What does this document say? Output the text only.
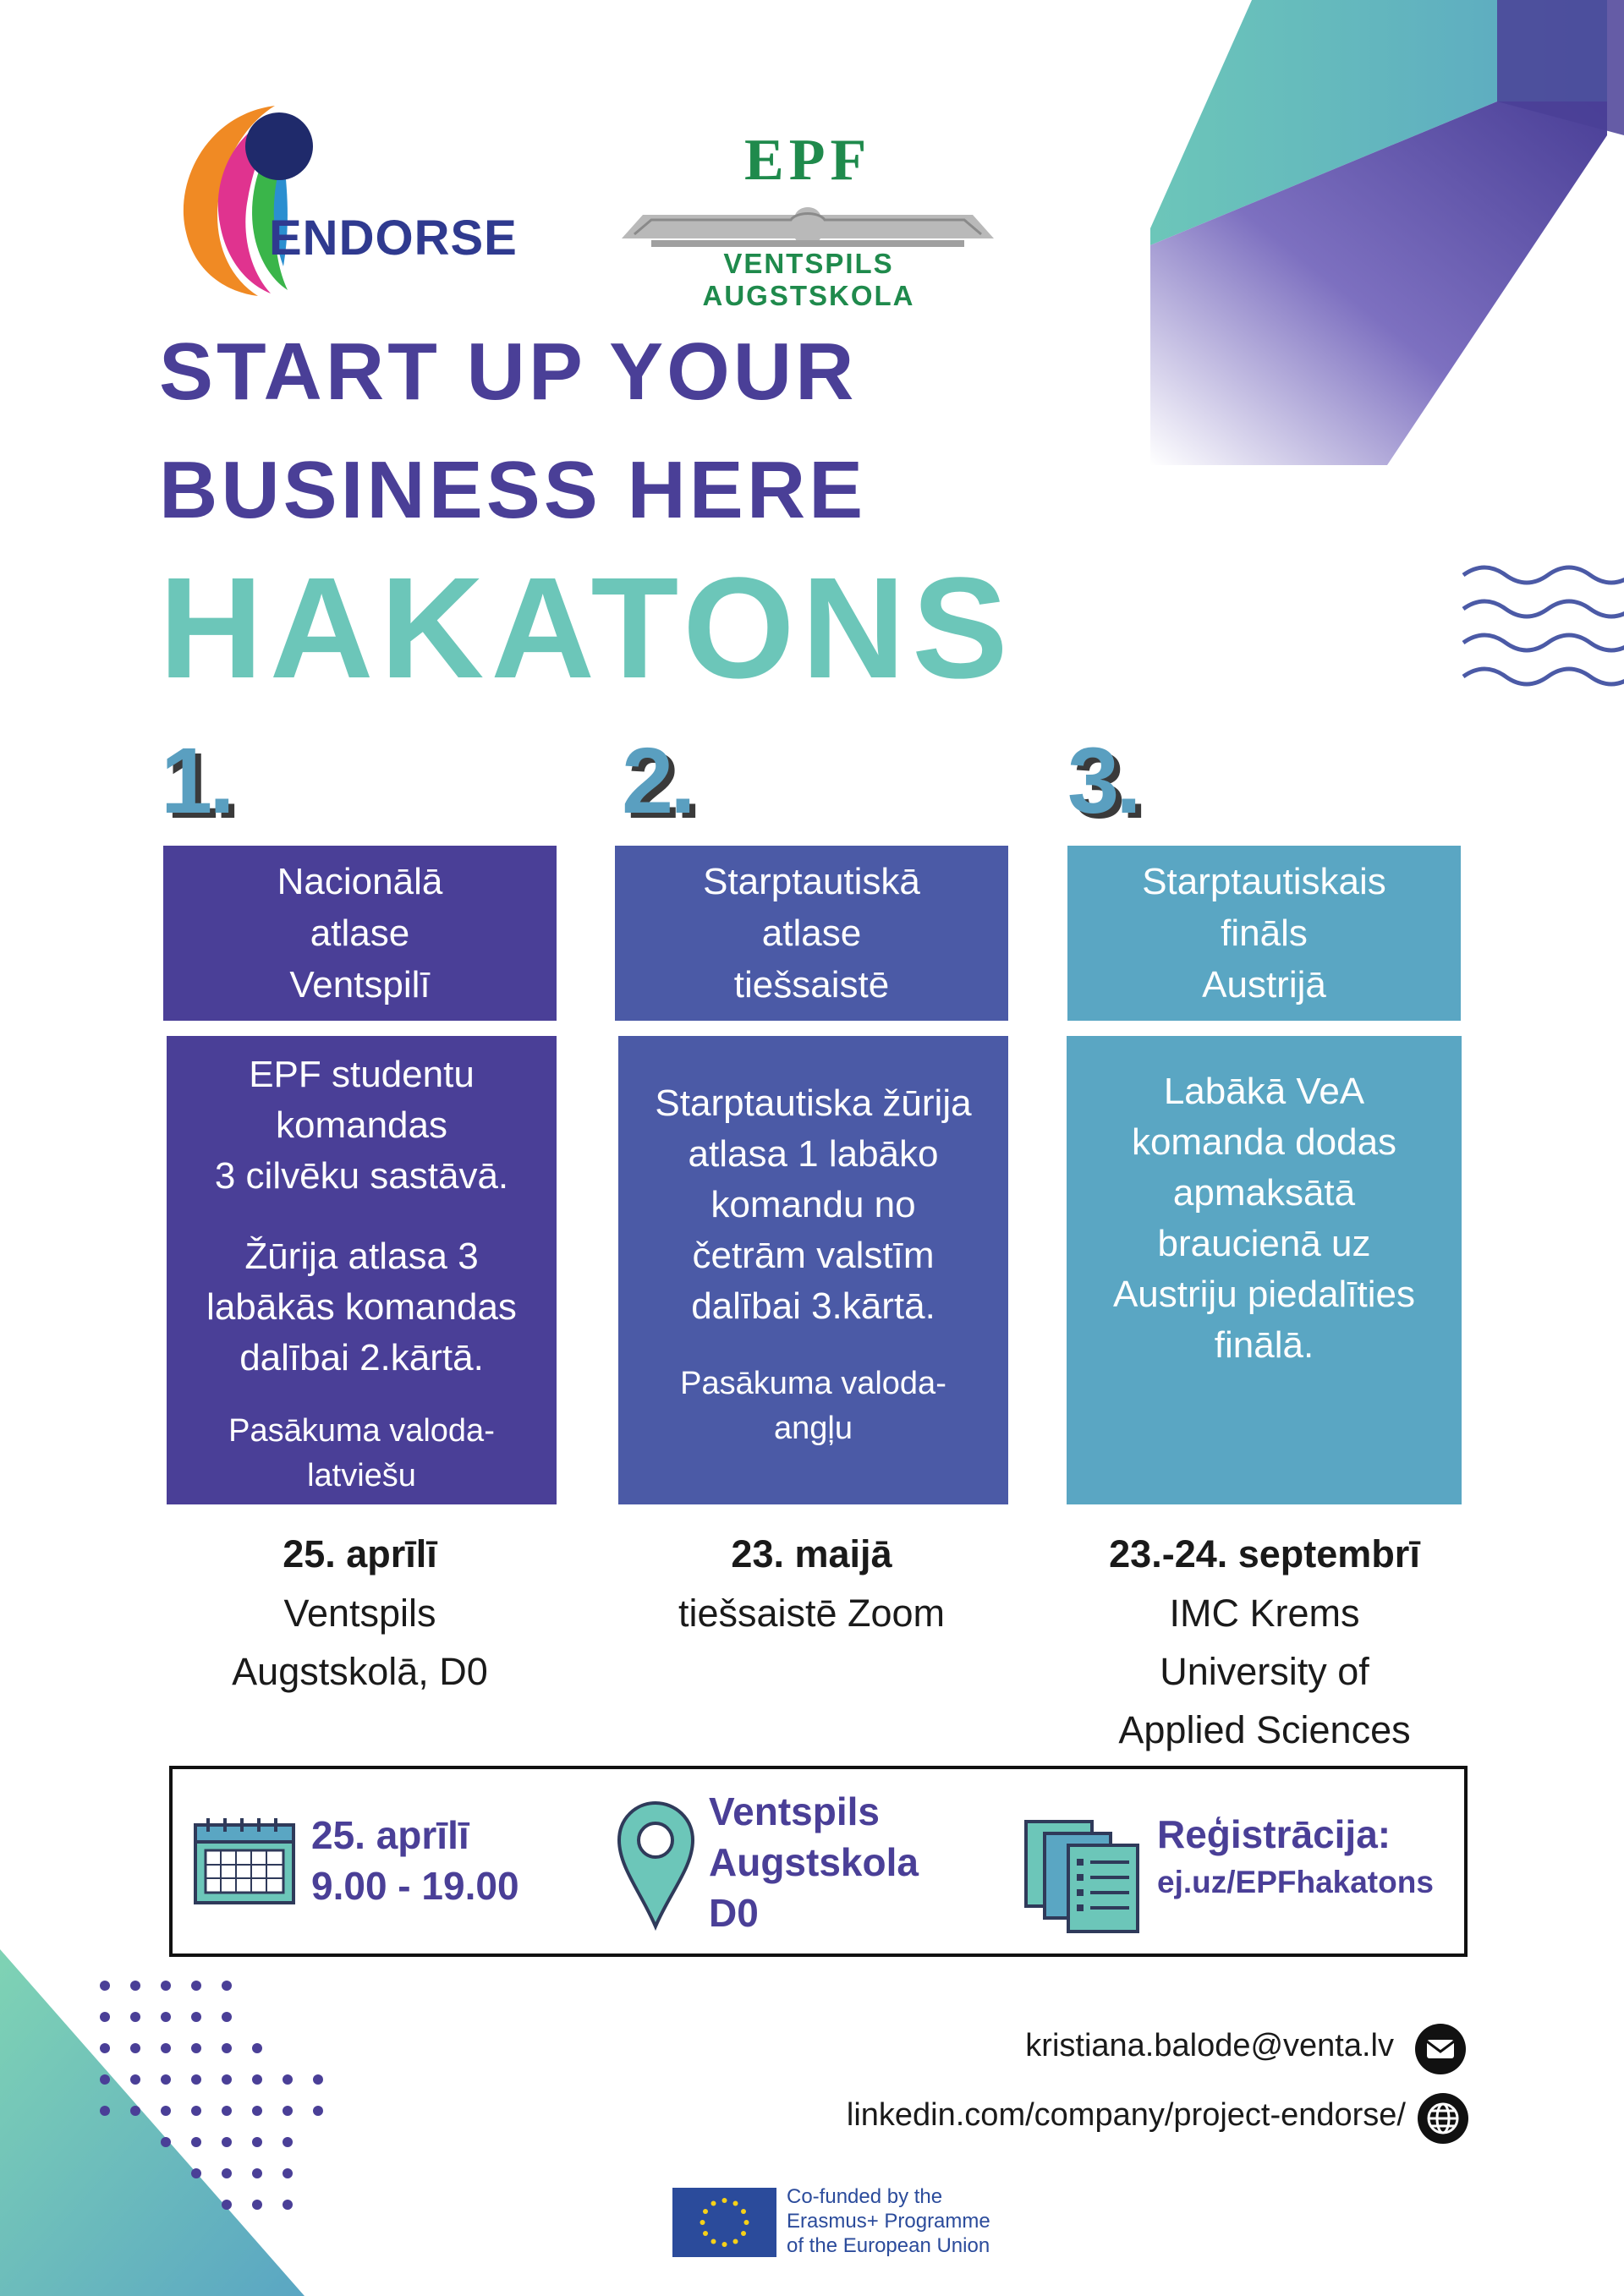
ENDORSE
EPF
VENTSPILS AUGSTSKOLA
START UP YOUR
BUSINESS HERE
HAKATONS
1.	2.	3.
Nacionālā
atlase
Ventspilī

EPF studentu

komandas

3 cilvēku sastāvā.

Žūrija atlasa 3

labākās komandas

dalībai 2.kārtā.

Pasākuma valoda-

latviešu

25. aprīlī
Ventspils
Augstskolā, D0
Starptautiskā
atlase
tiešsaistē

Starptautiska žūrija

atlasa 1 labāko

komandu no

četrām valstīm

dalībai 3.kārtā.

Pasākuma valoda-

angļu

23. maijā
tiešsaistē Zoom
Starptautiskais
fināls
Austrijā

Labākā VeA

komanda dodas

apmaksātā

braucienā uz

Austriju piedalīties

finālā.

23.-24. septembrī
IMC Krems
University of
Applied Sciences
25. aprīlī
9.00 - 19.00
Ventspils
Augstskola
D0
Reģistrācija:
ej.uz/EPFhakatons
kristiana.balode@venta.lv
linkedin.com/company/project-endorse/
Co-funded by the
Erasmus+ Programme
of the European Union
